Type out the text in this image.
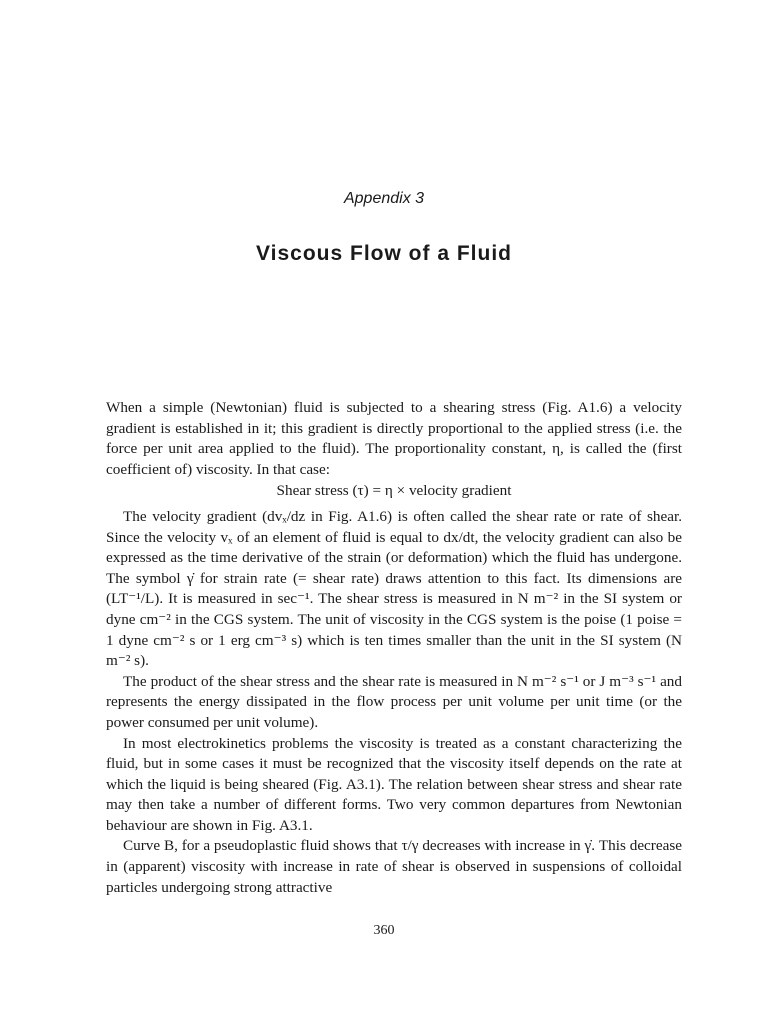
Appendix 3
Viscous Flow of a Fluid

When a simple (Newtonian) fluid is subjected to a shearing stress (Fig. A1.6) a velocity gradient is established in it; this gradient is directly proportional to the applied stress (i.e. the force per unit area applied to the fluid). The proportionality constant, η, is called the (first coefficient of) viscosity. In that case:

Shear stress (τ) = η × velocity gradient

The velocity gradient (dvₓ/dz in Fig. A1.6) is often called the shear rate or rate of shear. Since the velocity vₓ of an element of fluid is equal to dx/dt, the velocity gradient can also be expressed as the time derivative of the strain (or deformation) which the fluid has undergone. The symbol γ̇ for strain rate (= shear rate) draws attention to this fact. Its dimensions are (LT⁻¹/L). It is measured in sec⁻¹. The shear stress is measured in N m⁻² in the SI system or dyne cm⁻² in the CGS system. The unit of viscosity in the CGS system is the poise (1 poise = 1 dyne cm⁻² s or 1 erg cm⁻³ s) which is ten times smaller than the unit in the SI system (N m⁻² s).

The product of the shear stress and the shear rate is measured in N m⁻² s⁻¹ or J m⁻³ s⁻¹ and represents the energy dissipated in the flow process per unit volume per unit time (or the power consumed per unit volume).

In most electrokinetics problems the viscosity is treated as a constant characterizing the fluid, but in some cases it must be recognized that the viscosity itself depends on the rate at which the liquid is being sheared (Fig. A3.1). The relation between shear stress and shear rate may then take a number of different forms. Two very common departures from Newtonian behaviour are shown in Fig. A3.1.

Curve B, for a pseudoplastic fluid shows that τ/γ decreases with increase in γ̇. This decrease in (apparent) viscosity with increase in rate of shear is observed in suspensions of colloidal particles undergoing strong attractive

360
